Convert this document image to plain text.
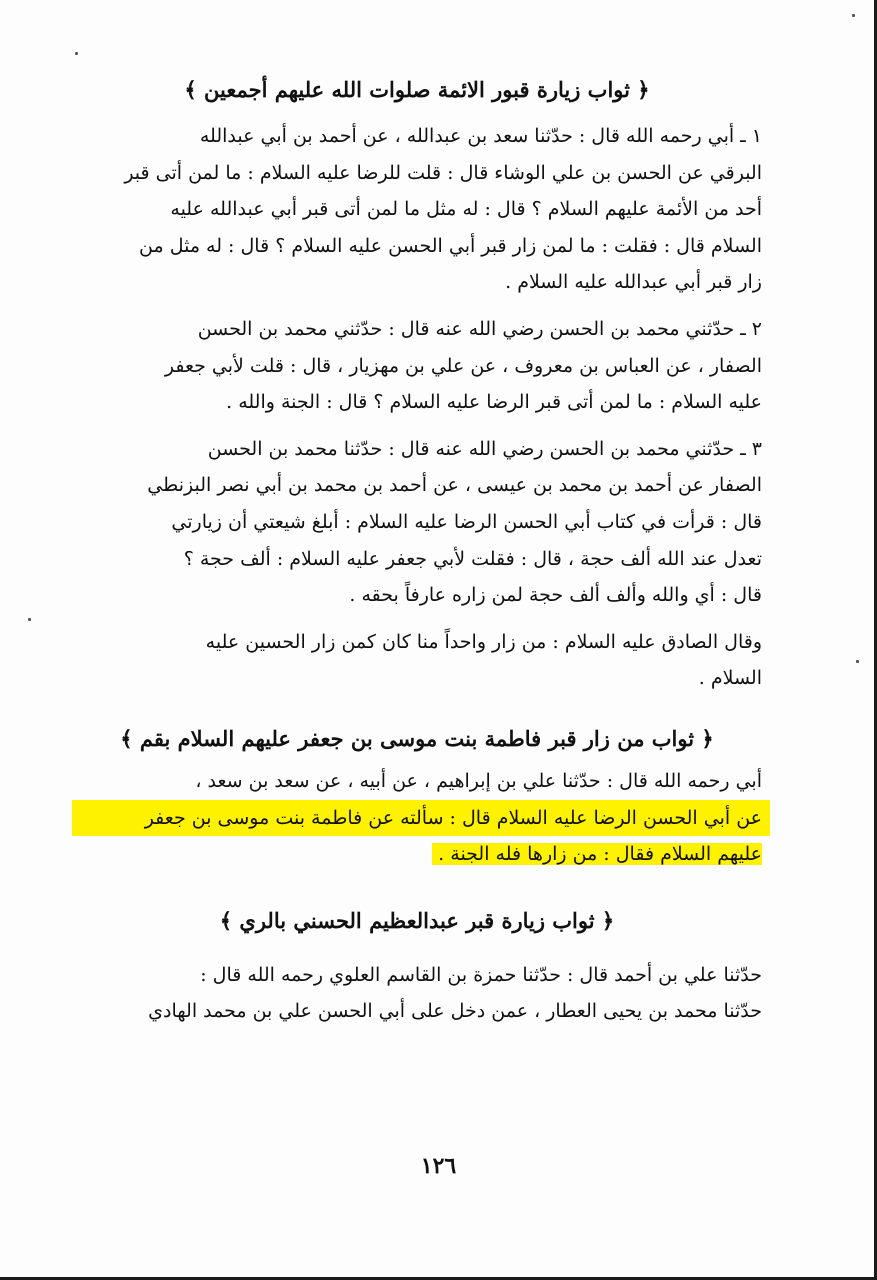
﴿ ثواب زيارة قبور الائمة صلوات الله عليهم أجمعين ﴾

١ ـ أبي رحمه الله قال : حدّثنا سعد بن عبدالله ، عن أحمد بن أبي عبدالله
البرقي عن الحسن بن علي الوشاء قال : قلت للرضا عليه السلام : ما لمن أتى قبر
أحد من الأئمة عليهم السلام ؟ قال : له مثل ما لمن أتى قبر أبي عبدالله عليه
السلام قال : فقلت : ما لمن زار قبر أبي الحسن عليه السلام ؟ قال : له مثل من
زار قبر أبي عبدالله عليه السلام .

٢ ـ حدّثني محمد بن الحسن رضي الله عنه قال : حدّثني محمد بن الحسن
الصفار ، عن العباس بن معروف ، عن علي بن مهزيار ، قال : قلت لأبي جعفر
عليه السلام : ما لمن أتى قبر الرضا عليه السلام ؟ قال : الجنة والله .

٣ ـ حدّثني محمد بن الحسن رضي الله عنه قال : حدّثنا محمد بن الحسن
الصفار عن أحمد بن محمد بن عيسى ، عن أحمد بن محمد بن أبي نصر البزنطي
قال : قرأت في كتاب أبي الحسن الرضا عليه السلام : أبلغ شيعتي أن زيارتي
تعدل عند الله ألف حجة ، قال : فقلت لأبي جعفر عليه السلام : ألف حجة ؟
قال : أي والله وألف ألف حجة لمن زاره عارفاً بحقه .

وقال الصادق عليه السلام : من زار واحداً منا كان كمن زار الحسين عليه
السلام .

﴿ ثواب من زار قبر فاطمة بنت موسى بن جعفر عليهم السلام بقم ﴾

أبي رحمه الله قال : حدّثنا علي بن إبراهيم ، عن أبيه ، عن سعد بن سعد ،
عن أبي الحسن الرضا عليه السلام قال : سألته عن فاطمة بنت موسى بن جعفر
عليهم السلام فقال : من زارها فله الجنة .

﴿ ثواب زيارة قبر عبدالعظيم الحسني بالري ﴾

حدّثنا علي بن أحمد قال : حدّثنا حمزة بن القاسم العلوي رحمه الله قال :
حدّثنا محمد بن يحيى العطار ، عمن دخل على أبي الحسن علي بن محمد الهادي

١٢٦
